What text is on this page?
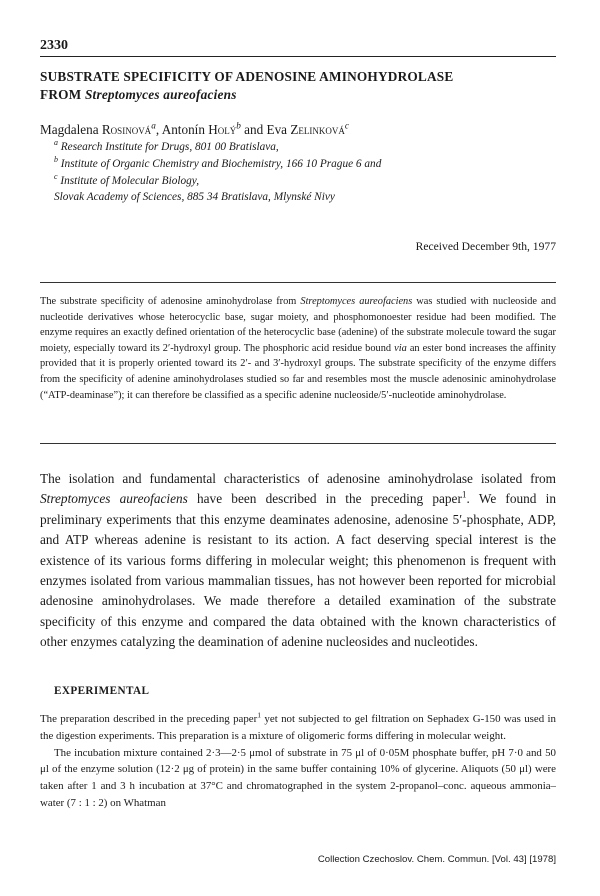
2330
SUBSTRATE SPECIFICITY OF ADENOSINE AMINOHYDROLASE
FROM Streptomyces aureofaciens
Magdalena Rosinová$^a$, Antonín Holý$^b$ and Eva Zelinková$^c$
$^a$ Research Institute for Drugs, 801 00 Bratislava,
$^b$ Institute of Organic Chemistry and Biochemistry, 166 10 Prague 6 and
$^c$ Institute of Molecular Biology,
Slovak Academy of Sciences, 885 34 Bratislava, Mlynské Nivy
Received December 9th, 1977
The substrate specificity of adenosine aminohydrolase from Streptomyces aureofaciens was studied with nucleoside and nucleotide derivatives whose heterocyclic base, sugar moiety, and phosphomonoester residue had been modified. The enzyme requires an exactly defined orientation of the heterocyclic base (adenine) of the substrate molecule toward the sugar moiety, especially toward its 2′-hydroxyl group. The phosphoric acid residue bound via an ester bond increases the affinity provided that it is properly oriented toward its 2′- and 3′-hydroxyl groups. The substrate specificity of the enzyme differs from the specificity of adenine aminohydrolases studied so far and resembles most the muscle adenosinic aminohydrolase (“ATP-deaminase”); it can therefore be classified as a specific adenine nucleoside/5′-nucleotide aminohydrolase.
The isolation and fundamental characteristics of adenosine aminohydrolase isolated from Streptomyces aureofaciens have been described in the preceding paper$^1$. We found in preliminary experiments that this enzyme deaminates adenosine, adenosine 5′-phosphate, ADP, and ATP whereas adenine is resistant to its action. A fact deserving special interest is the existence of its various forms differing in molecular weight; this phenomenon is frequent with enzymes isolated from various mammalian tissues, has not however been reported for microbial adenosine aminohydrolases. We made therefore a detailed examination of the substrate specificity of this enzyme and compared the data obtained with the known characteristics of other enzymes catalyzing the deamination of adenine nucleosides and nucleotides.
EXPERIMENTAL

The preparation described in the preceding paper$^1$ yet not subjected to gel filtration on Sephadex G-150 was used in the digestion experiments. This preparation is a mixture of oligomeric forms differing in molecular weight.

The incubation mixture contained 2·3—2·5 μmol of substrate in 75 μl of 0·05M phosphate buffer, pH 7·0 and 50 μl of the enzyme solution (12·2 μg of protein) in the same buffer containing 10% of glycerine. Aliquots (50 μl) were taken after 1 and 3 h incubation at 37°C and chromatographed in the system 2-propanol–conc. aqueous ammonia–water (7 : 1 : 2) on Whatman

Collection Czechoslov. Chem. Commun. [Vol. 43] [1978]
